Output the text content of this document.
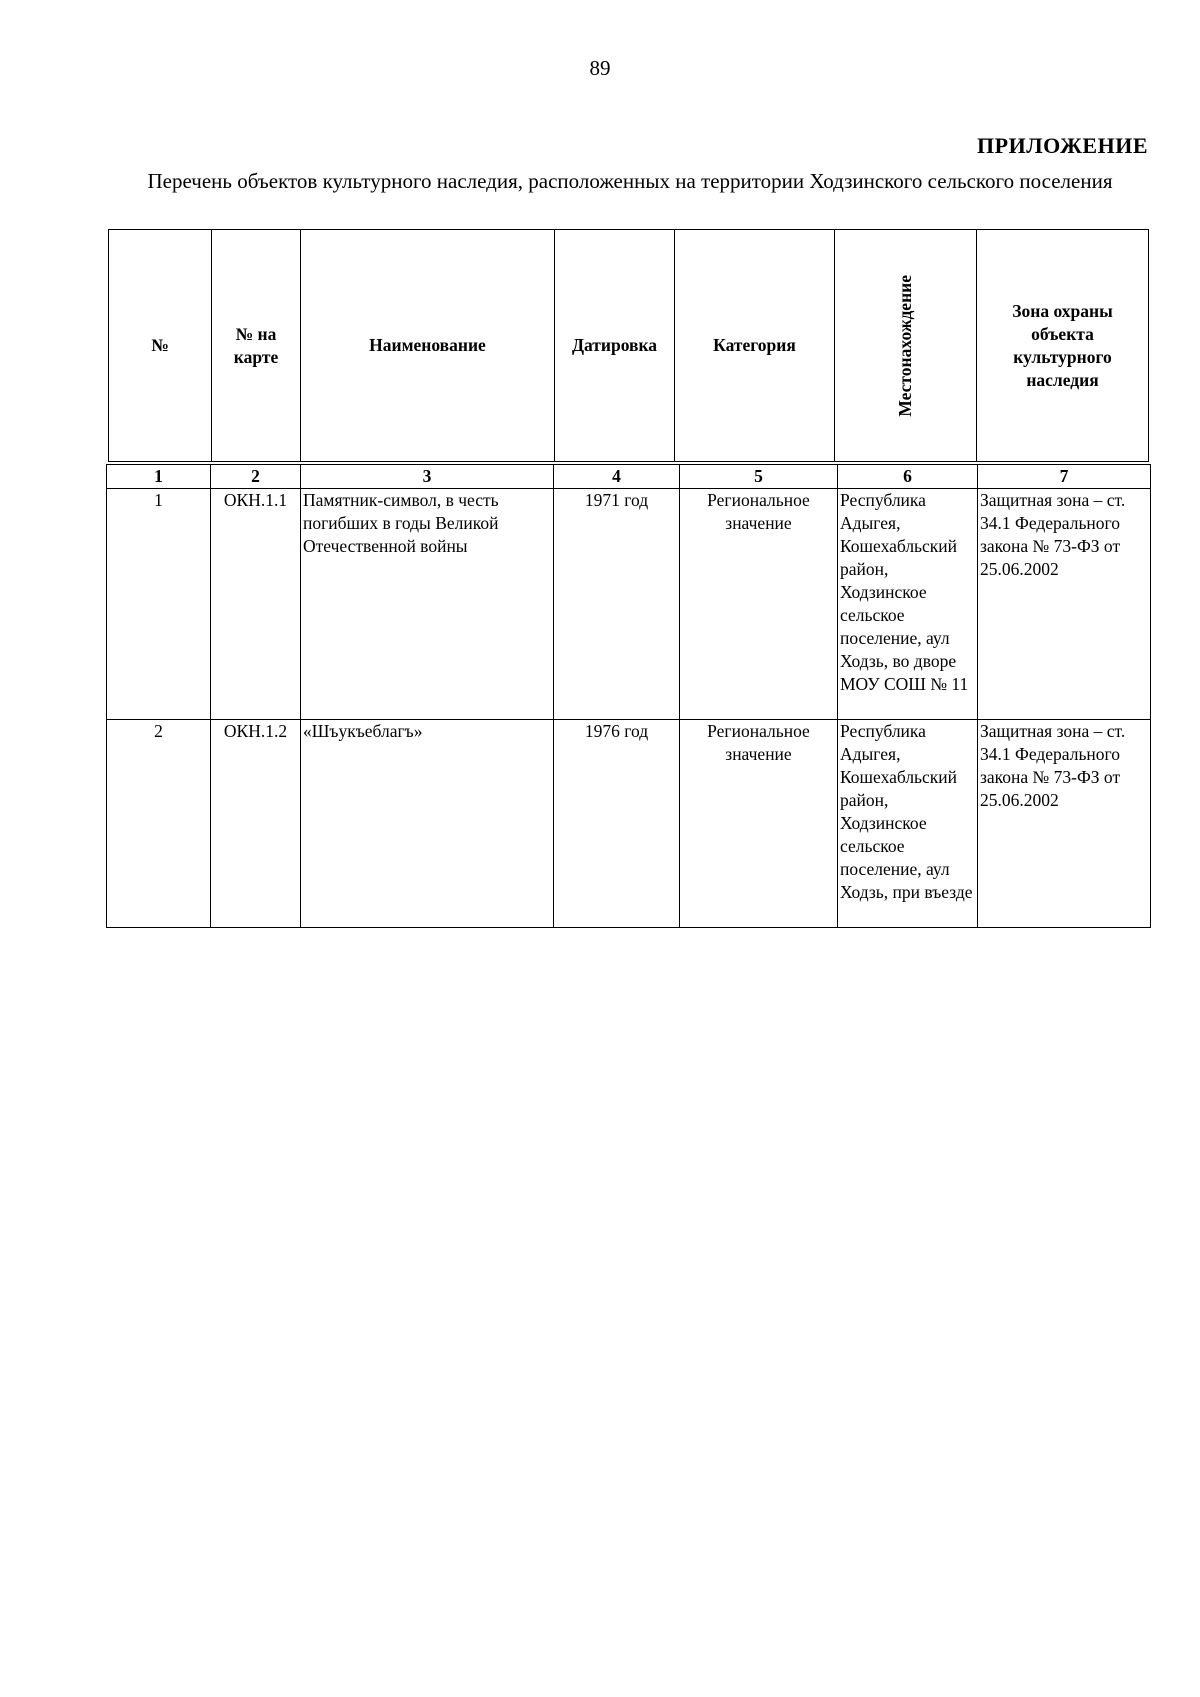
89
ПРИЛОЖЕНИЕ
Перечень объектов культурного наследия, расположенных на территории Ходзинского сельского поселения
№	№ на карте	Наименование	Датировка	Категория	Местонахождение	Зона охраны объекта культурного наследия
1	2	3	4	5	6	7
1	ОКН.1.1	Памятник-символ, в честь погибших в годы Великой Отечественной войны	1971 год	Региональное значение	Республика Адыгея, Кошехабльский район, Ходзинское сельское поселение, аул Ходзь, во дворе МОУ СОШ № 11	Защитная зона – ст. 34.1 Федерального закона № 73-ФЗ от 25.06.2002
2	ОКН.1.2	«Шъукъеблагъ»	1976 год	Региональное значение	Республика Адыгея, Кошехабльский район, Ходзинское сельское поселение, аул Ходзь, при въезде	Защитная зона – ст. 34.1 Федерального закона № 73-ФЗ от 25.06.2002
